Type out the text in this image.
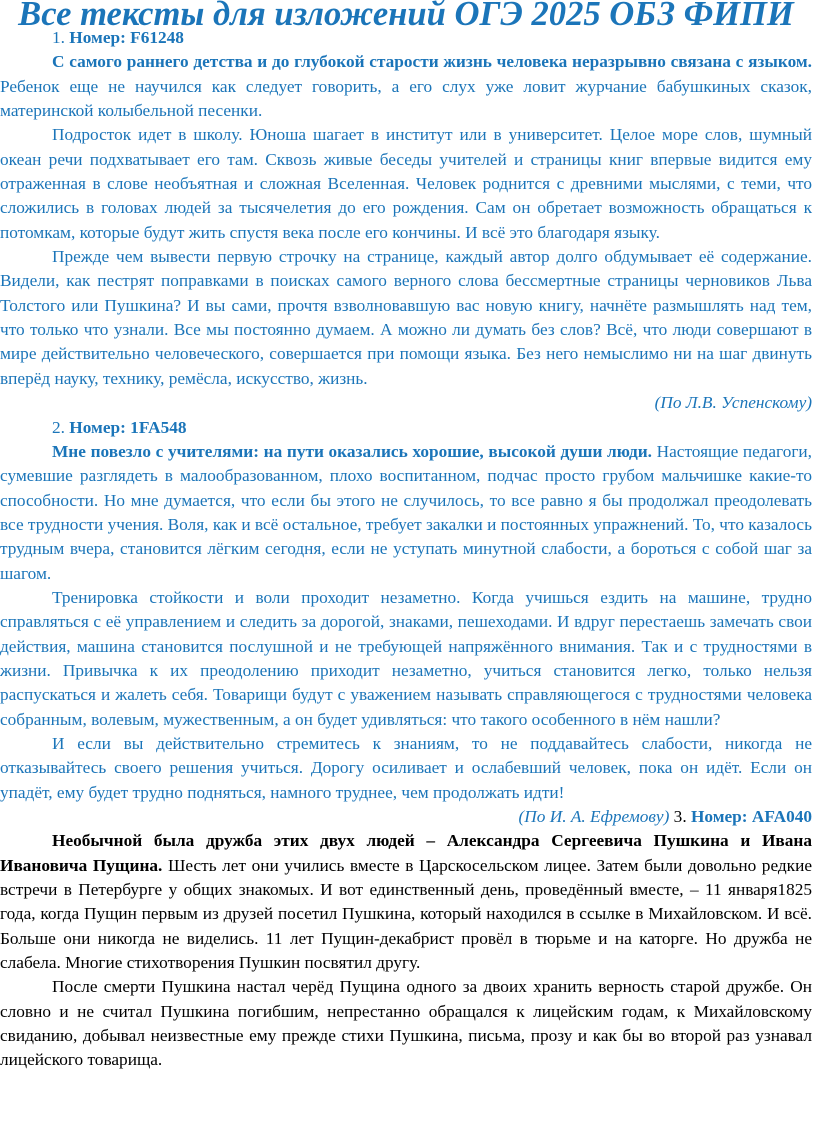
Все тексты для изложений ОГЭ 2025 ОБЗ ФИПИ
1. Номер: F61248

С самого раннего детства и до глубокой старости жизнь человека неразрывно связана с языком. Ребенок еще не научился как следует говорить, а его слух уже ловит журчание бабушкиных сказок, материнской колыбельной песенки.

Подросток идет в школу. Юноша шагает в институт или в университет. Целое море слов, шумный океан речи подхватывает его там. Сквозь живые беседы учителей и страницы книг впервые видится ему отраженная в слове необъятная и сложная Вселенная. Человек роднится с древними мыслями, с теми, что сложились в головах людей за тысячелетия до его рождения. Сам он обретает возможность обращаться к потомкам, которые будут жить спустя века после его кончины. И всё это благодаря языку.

Прежде чем вывести первую строчку на странице, каждый автор долго обдумывает её содержание. Видели, как пестрят поправками в поисках самого верного слова бессмертные страницы черновиков Льва Толстого или Пушкина? И вы сами, прочтя взволновавшую вас новую книгу, начнёте размышлять над тем, что только что узнали. Все мы постоянно думаем. А можно ли думать без слов? Всё, что люди совершают в мире действительно человеческого, совершается при помощи языка. Без него немыслимо ни на шаг двинуть вперёд науку, технику, ремёсла, искусство, жизнь.

(По Л.В. Успенскому)
2. Номер: 1FA548

Мне повезло с учителями: на пути оказались хорошие, высокой души люди. Настоящие педагоги, сумевшие разглядеть в малообразованном, плохо воспитанном, подчас просто грубом мальчишке какие-то способности. Но мне думается, что если бы этого не случилось, то все равно я бы продолжал преодолевать все трудности учения. Воля, как и всё остальное, требует закалки и постоянных упражнений. То, что казалось трудным вчера, становится лёгким сегодня, если не уступать минутной слабости, а бороться с собой шаг за шагом.

Тренировка стойкости и воли проходит незаметно. Когда учишься ездить на машине, трудно справляться с её управлением и следить за дорогой, знаками, пешеходами. И вдруг перестаешь замечать свои действия, машина становится послушной и не требующей напряжённого внимания. Так и с трудностями в жизни. Привычка к их преодолению приходит незаметно, учиться становится легко, только нельзя распускаться и жалеть себя. Товарищи будут с уважением называть справляющегося с трудностями человека собранным, волевым, мужественным, а он будет удивляться: что такого особенного в нём нашли?

И если вы действительно стремитесь к знаниям, то не поддавайтесь слабости, никогда не отказывайтесь своего решения учиться. Дорогу осиливает и ослабевший человек, пока он идёт. Если он упадёт, ему будет трудно подняться, намного труднее, чем продолжать идти!

(По И. А. Ефремову) 3. Номер: AFA040

Необычной была дружба этих двух людей – Александра Сергеевича Пушкина и Ивана Ивановича Пущина. Шесть лет они учились вместе в Царскосельском лицее. Затем были довольно редкие встречи в Петербурге у общих знакомых. И вот единственный день, проведённый вместе, – 11 января1825 года, когда Пущин первым из друзей посетил Пушкина, который находился в ссылке в Михайловском. И всё. Больше они никогда не виделись. 11 лет Пущин-декабрист провёл в тюрьме и на каторге. Но дружба не слабела. Многие стихотворения Пушкин посвятил другу.

После смерти Пушкина настал черёд Пущина одного за двоих хранить верность старой дружбе. Он словно и не считал Пушкина погибшим, непрестанно обращался к лицейским годам, к Михайловскому свиданию, добывал неизвестные ему прежде стихи Пушкина, письма, прозу и как бы во второй раз узнавал лицейского товарища.
